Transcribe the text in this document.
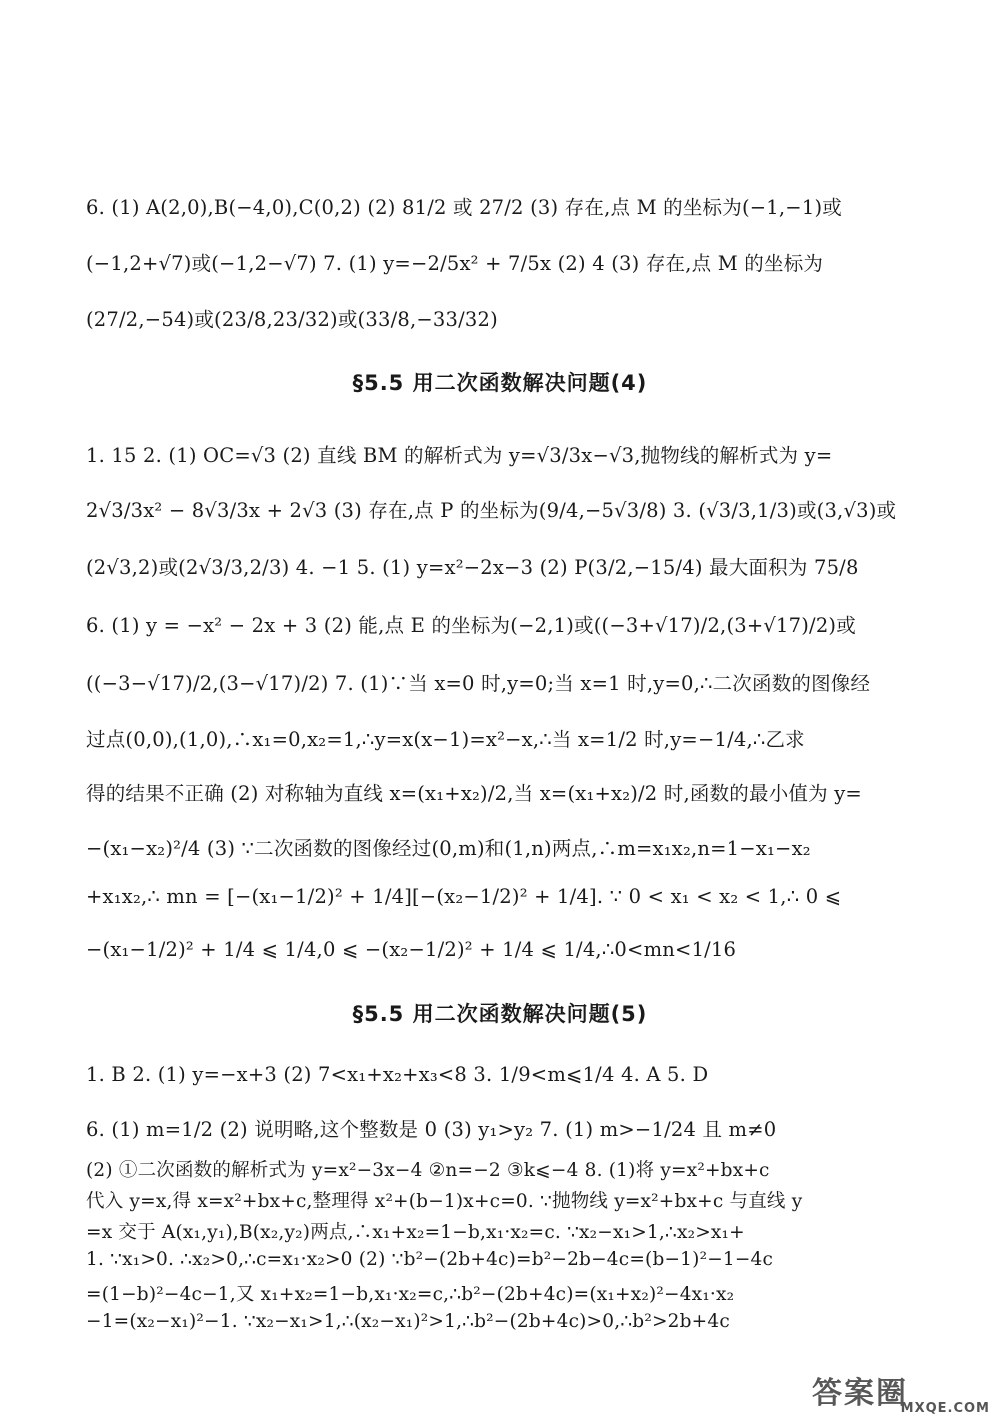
6. (1) A(2,0),B(−4,0),C(0,2) (2) 81/2 或 27/2 (3) 存在,点 M 的坐标为(−1,−1)或
(−1,2+√7)或(−1,2−√7) 7. (1) y=−2/5x² + 7/5x (2) 4 (3) 存在,点 M 的坐标为
(27/2,−54)或(23/8,23/32)或(33/8,−33/32)
§5.5 用二次函数解决问题(4)
1. 15 2. (1) OC=√3 (2) 直线 BM 的解析式为 y=√3/3x−√3,抛物线的解析式为 y=
2√3/3x² − 8√3/3x + 2√3 (3) 存在,点 P 的坐标为(9/4,−5√3/8) 3. (√3/3,1/3)或(3,√3)或
(2√3,2)或(2√3/3,2/3) 4. −1 5. (1) y=x²−2x−3 (2) P(3/2,−15/4) 最大面积为 75/8
6. (1) y = −x² − 2x + 3 (2) 能,点 E 的坐标为(−2,1)或((−3+√17)/2,(3+√17)/2)或
((−3−√17)/2,(3−√17)/2) 7. (1)∵当 x=0 时,y=0;当 x=1 时,y=0,∴二次函数的图像经
过点(0,0),(1,0),∴x₁=0,x₂=1,∴y=x(x−1)=x²−x,∴当 x=1/2 时,y=−1/4,∴乙求
得的结果不正确 (2) 对称轴为直线 x=(x₁+x₂)/2,当 x=(x₁+x₂)/2 时,函数的最小值为 y=
−(x₁−x₂)²/4 (3) ∵二次函数的图像经过(0,m)和(1,n)两点,∴m=x₁x₂,n=1−x₁−x₂
+x₁x₂,∴ mn = [−(x₁−1/2)² + 1/4][−(x₂−1/2)² + 1/4]. ∵ 0 < x₁ < x₂ < 1,∴ 0 ⩽
−(x₁−1/2)² + 1/4 ⩽ 1/4,0 ⩽ −(x₂−1/2)² + 1/4 ⩽ 1/4,∴0<mn<1/16
§5.5 用二次函数解决问题(5)
1. B 2. (1) y=−x+3 (2) 7<x₁+x₂+x₃<8 3. 1/9<m⩽1/4 4. A 5. D
6. (1) m=1/2 (2) 说明略,这个整数是 0 (3) y₁>y₂ 7. (1) m>−1/24 且 m≠0
(2) ①二次函数的解析式为 y=x²−3x−4 ②n=−2 ③k⩽−4 8. (1)将 y=x²+bx+c
代入 y=x,得 x=x²+bx+c,整理得 x²+(b−1)x+c=0. ∵抛物线 y=x²+bx+c 与直线 y
=x 交于 A(x₁,y₁),B(x₂,y₂)两点,∴x₁+x₂=1−b,x₁·x₂=c. ∵x₂−x₁>1,∴x₂>x₁+
1. ∵x₁>0. ∴x₂>0,∴c=x₁·x₂>0 (2) ∵b²−(2b+4c)=b²−2b−4c=(b−1)²−1−4c
=(1−b)²−4c−1,又 x₁+x₂=1−b,x₁·x₂=c,∴b²−(2b+4c)=(x₁+x₂)²−4x₁·x₂
−1=(x₂−x₁)²−1. ∵x₂−x₁>1,∴(x₂−x₁)²>1,∴b²−(2b+4c)>0,∴b²>2b+4c
答案圈
MXQE.COM
